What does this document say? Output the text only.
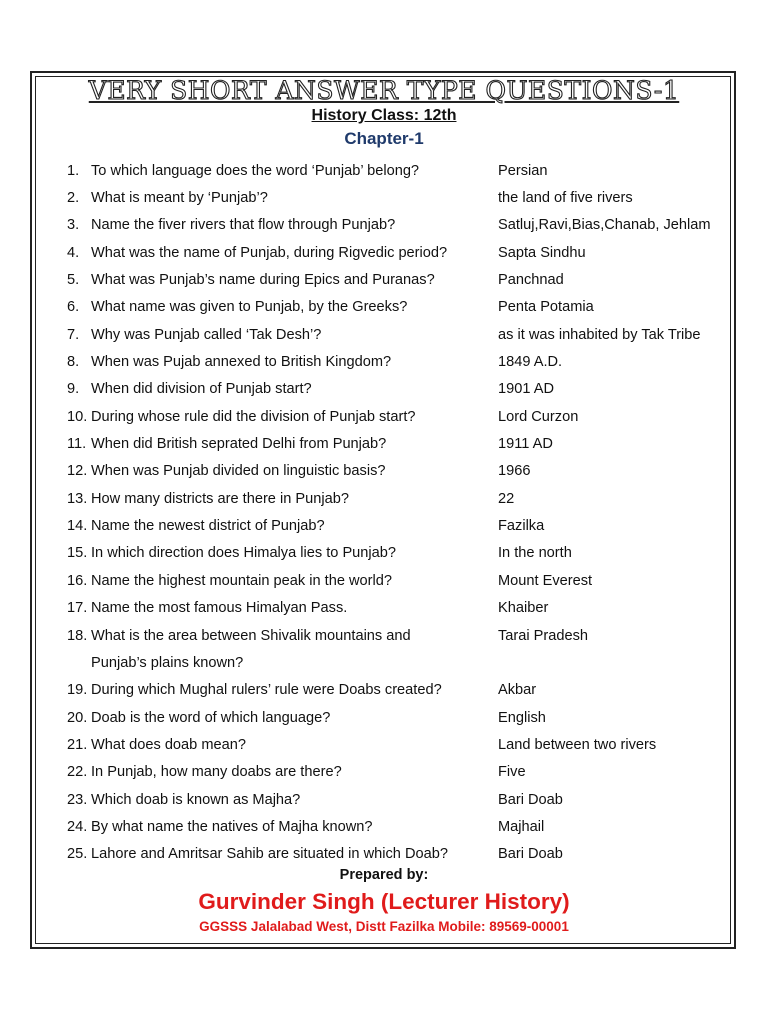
VERY SHORT ANSWER TYPE QUESTIONS-1
History Class: 12th
Chapter-1
1. To which language does the word ‘Punjab’ belong?	Persian
2. What is meant by ‘Punjab’?	the land of five rivers
3. Name the fiver rivers that flow through Punjab?	Satluj,Ravi,Bias,Chanab, Jehlam
4. What was the name of Punjab, during Rigvedic period?	Sapta Sindhu
5. What was Punjab’s name during Epics and Puranas?	Panchnad
6. What name was given to Punjab, by the Greeks?	Penta Potamia
7. Why was Punjab called ‘Tak Desh’?	as it was inhabited by Tak Tribe
8. When was Pujab annexed to British Kingdom?	1849 A.D.
9. When did division of Punjab start?	1901 AD
10. During whose rule did the division of Punjab start?	Lord Curzon
11. When did British seprated Delhi from Punjab?	1911 AD
12. When was Punjab divided on linguistic basis?	1966
13. How many districts are there in Punjab?	22
14. Name the newest district of Punjab?	Fazilka
15. In which direction does Himalya lies to Punjab?	In the north
16. Name the highest mountain peak in the world?	Mount Everest
17. Name the most famous Himalyan Pass.	Khaiber
18. What is the area between Shivalik mountains and	Tarai Pradesh
Punjab’s plains known?
19. During which Mughal rulers’ rule were Doabs created?	Akbar
20. Doab is the word of which language?	English
21. What does doab mean?	Land between two rivers
22. In Punjab, how many doabs are there?	Five
23. Which doab is known as Majha?	Bari Doab
24. By what name the natives of Majha known?	Majhail
25. Lahore and Amritsar Sahib are situated in which Doab?	Bari Doab
Prepared by:
Gurvinder Singh (Lecturer History)
GGSSS Jalalabad West, Distt Fazilka Mobile: 89569-00001
